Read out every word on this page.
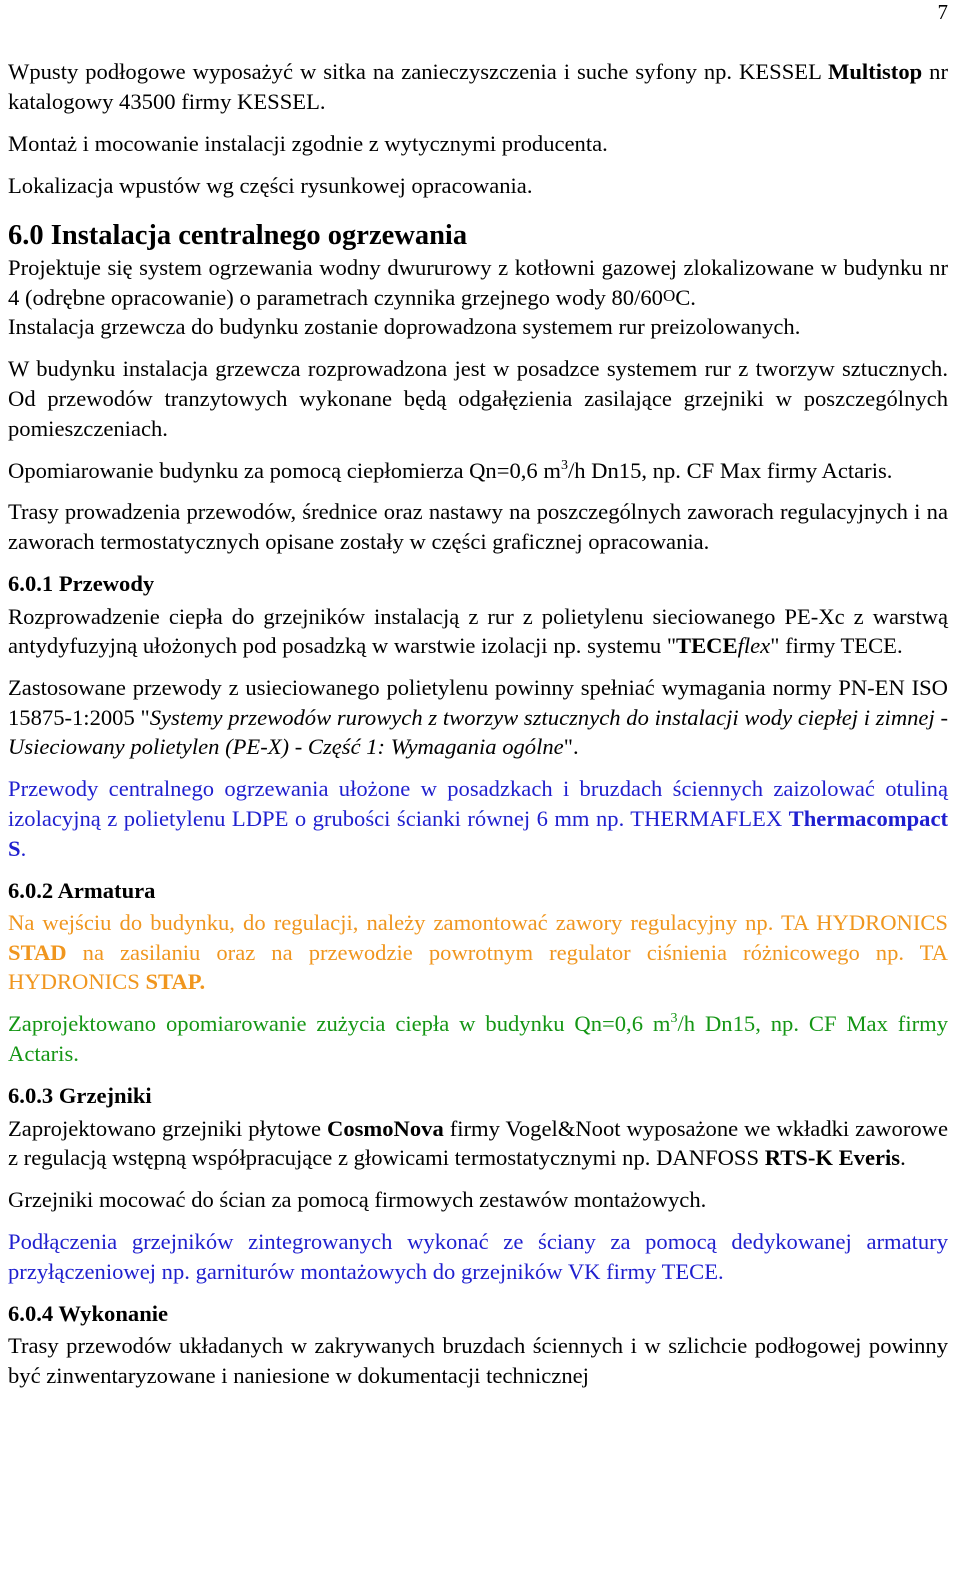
7

Wpusty podłogowe wyposażyć w sitka na zanieczyszczenia i suche syfony np. KESSEL Multistop nr katalogowy 43500 firmy KESSEL.

Montaż i mocowanie instalacji zgodnie z wytycznymi producenta.

Lokalizacja wpustów wg części rysunkowej opracowania.

6.0 Instalacja centralnego ogrzewania

Projektuje się system ogrzewania wodny dwururowy z kotłowni gazowej zlokalizowane w budynku nr 4 (odrębne opracowanie) o parametrach czynnika grzejnego wody 80/60OC.

Instalacja grzewcza do budynku zostanie doprowadzona systemem rur preizolowanych.

W budynku instalacja grzewcza rozprowadzona jest w posadzce systemem rur z tworzyw sztucznych. Od przewodów tranzytowych wykonane będą odgałęzienia zasilające grzejniki w poszczególnych pomieszczeniach.

Opomiarowanie budynku za pomocą ciepłomierza Qn=0,6 $m^3/h$ Dn15, np. CF Max firmy Actaris.

Trasy prowadzenia przewodów, średnice oraz nastawy na poszczególnych zaworach regulacyjnych i na zaworach termostatycznych opisane zostały w części graficznej opracowania.

6.0.1 Przewody

Rozprowadzenie ciepła do grzejników instalacją z rur z polietylenu sieciowanego PE-Xc z warstwą antydyfuzyjną ułożonych pod posadzką w warstwie izolacji np. systemu "TECEflex" firmy TECE.

Zastosowane przewody z usieciowanego polietylenu powinny spełniać wymagania normy PN-EN ISO 15875-1:2005 "Systemy przewodów rurowych z tworzyw sztucznych do instalacji wody ciepłej i zimnej - Usieciowany polietylen (PE-X) - Część 1: Wymagania ogólne".

Przewody centralnego ogrzewania ułożone w posadzkach i bruzdach ściennych zaizolować otuliną izolacyjną z polietylenu LDPE o grubości ścianki równej 6 mm np. THERMAFLEX Thermacompact S.

6.0.2 Armatura

Na wejściu do budynku, do regulacji, należy zamontować zawory regulacyjny np. TA HYDRONICS STAD na zasilaniu oraz na przewodzie powrotnym regulator ciśnienia różnicowego np. TA HYDRONICS STAP.

Zaprojektowano opomiarowanie zużycia ciepła w budynku Qn=0,6 $m^3/h$ Dn15, np. CF Max firmy Actaris.

6.0.3 Grzejniki

Zaprojektowano grzejniki płytowe CosmoNova firmy Vogel&Noot wyposażone we wkładki zaworowe z regulacją wstępną współpracujące z głowicami termostatycznymi np. DANFOSS RTS-K Everis.

Grzejniki mocować do ścian za pomocą firmowych zestawów montażowych.

Podłączenia grzejników zintegrowanych wykonać ze ściany za pomocą dedykowanej armatury przyłączeniowej np. garniturów montażowych do grzejników VK firmy TECE.

6.0.4 Wykonanie

Trasy przewodów układanych w zakrywanych bruzdach ściennych i w szlichcie podłogowej powinny być zinwentaryzowane i naniesione w dokumentacji technicznej
